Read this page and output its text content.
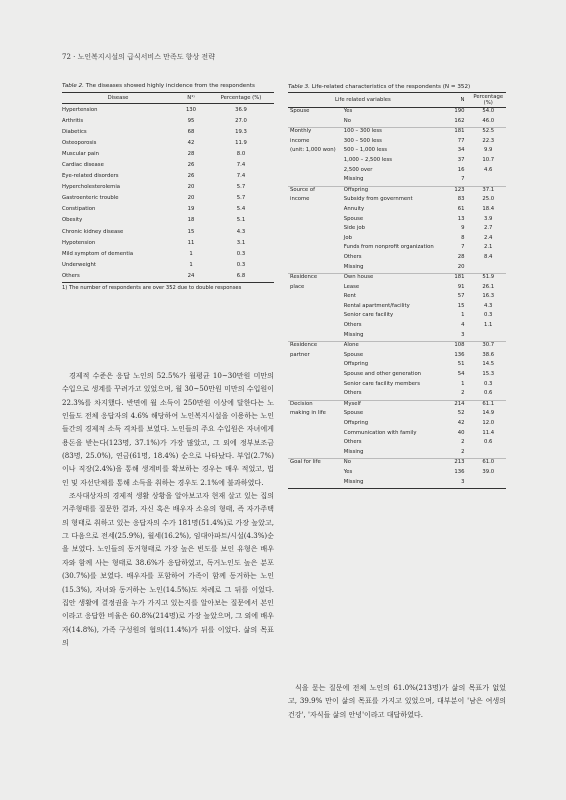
72 · 노인복지시설의 급식서비스 만족도 향상 전략
Table 2. The diseases showed highly incidence from the respondents
Disease	N¹⁾	Percentage (%)
Hypertension	130	36.9
Arthritis	95	27.0
Diabetics	68	19.3
Osteoporosis	42	11.9
Muscular pain	28	8.0
Cardiac disease	26	7.4
Eye-related disorders	26	7.4
Hypercholesterolemia	20	5.7
Gastroenteric trouble	20	5.7
Constipation	19	5.4
Obesity	18	5.1
Chronic kidney disease	15	4.3
Hypotension	11	3.1
Mild symptom of dementia	1	0.3
Underweight	1	0.3
Others	24	6.8
1) The number of respondents are over 352 due to double responses
Table 3. Life-related characteristics of the respondents (N = 352)
Life related variables		N	Percentage (%)
Spouse	Yes	190	54.0
	No	162	46.0
Monthly	100 – 300 less	181	52.5
income	300 – 500 less	77	22.3
(unit: 1,000 won)	500 – 1,000 less	34	9.9
	1,000 – 2,500 less	37	10.7
	2,500 over	16	4.6
	Missing	7	
Source of	Offspring	123	37.1
income	Subsidy from government	83	25.0
	Annuity	61	18.4
	Spouse	13	3.9
	Side job	9	2.7
	Job	8	2.4
	Funds from nonprofit organization	7	2.1
	Others	28	8.4
	Missing	20	
Residence	Own house	181	51.9
place	Lease	91	26.1
	Rent	57	16.3
	Rental apartment/facility	15	4.3
	Senior care facility	1	0.3
	Others	4	1.1
	Missing	3	
Residence	Alone	108	30.7
partner	Spouse	136	38.6
	Offspring	51	14.5
	Spouse and other generation	54	15.3
	Senior care facility members	1	0.3
	Others	2	0.6
Decision	Myself	214	61.1
making in life	Spouse	52	14.9
	Offspring	42	12.0
	Communication with family	40	11.4
	Others	2	0.6
	Missing	2	
Goal for life	No	213	61.0
	Yes	136	39.0
	Missing	3	

경제적 수준은 응답 노인의 52.5%가 월평균 10~30만원 미만의 수입으로 생계를 꾸려가고 있었으며, 월 30~50만원 미만의 수입원이 22.3%를 차지했다. 반면에 월 소득이 250만원 이상에 달한다는 노인들도 전체 응답자의 4.6% 해당하여 노인복지시설을 이용하는 노인들간의 경제적 소득 격차를 보였다. 노인들의 주요 수입원은 자녀에게 용돈을 받는다(123명, 37.1%)가 가장 많았고, 그 외에 정부보조금(83명, 25.0%), 연금(61명, 18.4%) 순으로 나타났다. 부업(2.7%)이나 직장(2.4%)을 통해 생계비를 확보하는 경우는 매우 적었고, 법인 및 자선단체를 통해 소득을 취하는 경우도 2.1%에 불과하였다.

조사대상자의 경제적 생활 상황을 알아보고자 현재 살고 있는 집의 거주형태를 질문한 결과, 자신 혹은 배우자 소유의 형태, 즉 자가주택의 형태로 취하고 있는 응답자의 수가 181명(51.4%)로 가장 높았고, 그 다음으로 전세(25.9%), 월세(16.2%), 임대아파트/시설(4.3%)순을 보였다. 노인들의 동거형태로 가장 높은 빈도를 보인 유형은 배우자와 함께 사는 형태로 38.6%가 응답하였고, 독거노인도 높은 분포(30.7%)를 보였다. 배우자를 포함하여 가족이 함께 동거하는 노인(15.3%), 자녀와 동거하는 노인(14.5%)도 차례로 그 뒤를 이었다. 집안 생활에 결정권을 누가 가지고 있는지를 알아보는 질문에서 본인이라고 응답한 비율은 60.8%(214명)로 가장 높았으며, 그 외에 배우자(14.8%), 가족 구성원의 협의(11.4%)가 뒤를 이었다. 삶의 목표의

식을 묻는 질문에 전체 노인의 61.0%(213명)가 삶의 목표가 없었고, 39.9% 만이 삶의 목표를 가지고 있었으며, 대부분이 '남은 여생의 건강', '자식들 삶의 안녕'이라고 대답하였다.
